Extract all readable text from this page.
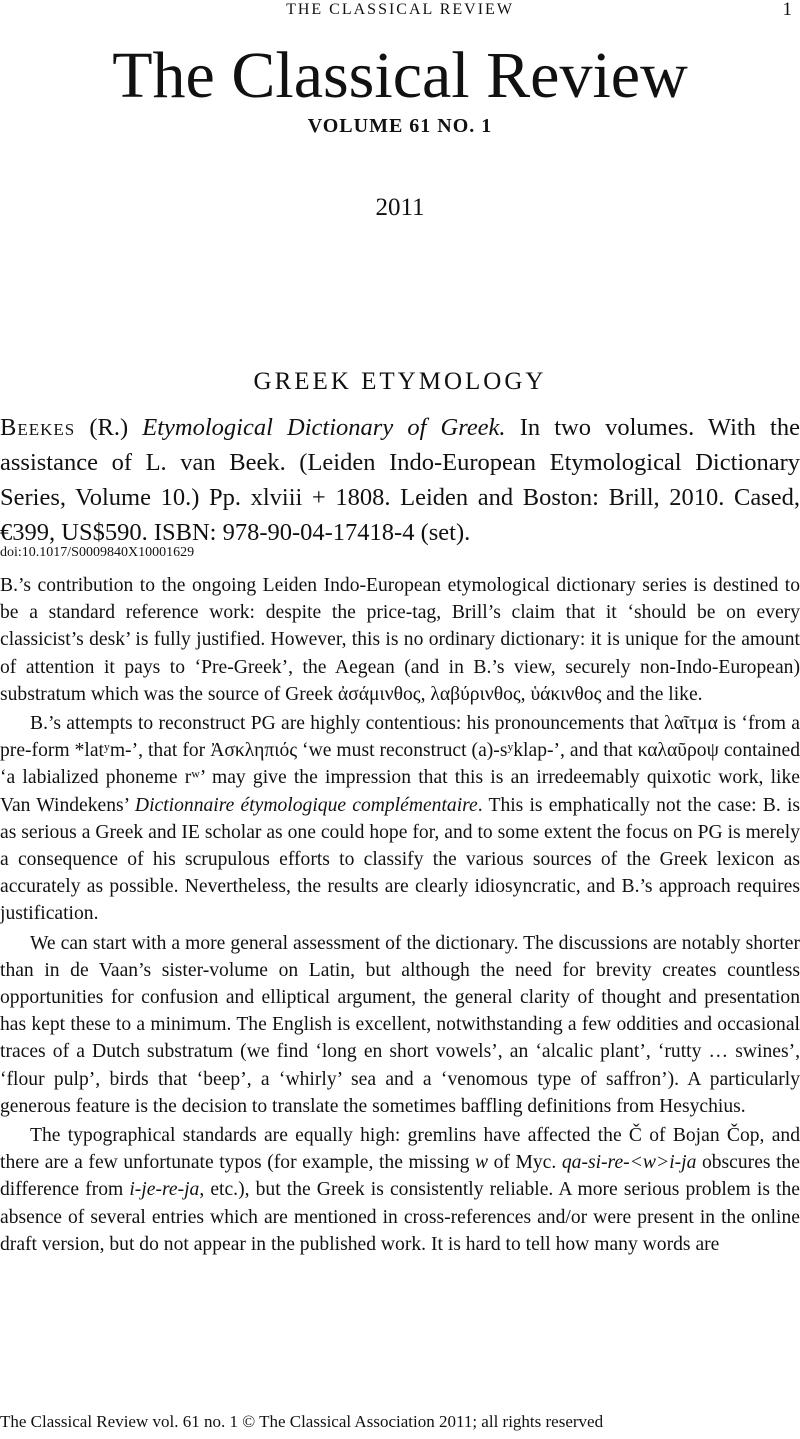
THE CLASSICAL REVIEW	1
The Classical Review
VOLUME 61 NO. 1
2011
GREEK ETYMOLOGY
Beekes (R.) Etymological Dictionary of Greek. In two volumes. With the assistance of L. van Beek. (Leiden Indo-European Etymological Dictionary Series, Volume 10.) Pp. xlviii + 1808. Leiden and Boston: Brill, 2010. Cased, €399, US$590. ISBN: 978-90-04-17418-4 (set).
doi:10.1017/S0009840X10001629

B.’s contribution to the ongoing Leiden Indo-European etymological dictionary series is destined to be a standard reference work: despite the price-tag, Brill’s claim that it ‘should be on every classicist’s desk’ is fully justified. However, this is no ordinary dictionary: it is unique for the amount of attention it pays to ‘Pre-Greek’, the Aegean (and in B.’s view, securely non-Indo-European) substratum which was the source of Greek ἀσάμινθος, λαβύρινθος, ὑάκινθος and the like.

B.’s attempts to reconstruct PG are highly contentious: his pronouncements that λαῖτμα is ‘from a pre-form *latʸm-’, that for Ἀσκληπιός ‘we must reconstruct (a)-sʸklap-’, and that καλαῦροψ contained ‘a labialized phoneme rʷ’ may give the impression that this is an irredeemably quixotic work, like Van Windekens’ Dictionnaire étymologique complémentaire. This is emphatically not the case: B. is as serious a Greek and IE scholar as one could hope for, and to some extent the focus on PG is merely a consequence of his scrupulous efforts to classify the various sources of the Greek lexicon as accurately as possible. Nevertheless, the results are clearly idiosyncratic, and B.’s approach requires justification.

We can start with a more general assessment of the dictionary. The discussions are notably shorter than in de Vaan’s sister-volume on Latin, but although the need for brevity creates countless opportunities for confusion and elliptical argument, the general clarity of thought and presentation has kept these to a minimum. The English is excellent, notwithstanding a few oddities and occasional traces of a Dutch substratum (we find ‘long en short vowels’, an ‘alcalic plant’, ‘rutty … swines’, ‘flour pulp’, birds that ‘beep’, a ‘whirly’ sea and a ‘venomous type of saffron’). A particularly generous feature is the decision to translate the sometimes baffling definitions from Hesychius.

The typographical standards are equally high: gremlins have affected the Č of Bojan Čop, and there are a few unfortunate typos (for example, the missing w of Myc. qa-si-re-<w>i-ja obscures the difference from i-je-re-ja, etc.), but the Greek is consistently reliable. A more serious problem is the absence of several entries which are mentioned in cross-references and/or were present in the online draft version, but do not appear in the published work. It is hard to tell how many words are

The Classical Review vol. 61 no. 1 © The Classical Association 2011; all rights reserved
